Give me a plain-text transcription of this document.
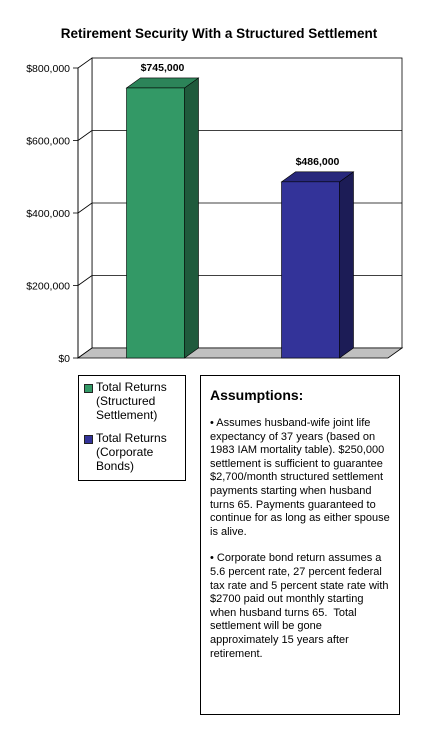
Retirement Security With a Structured Settlement
$0
$200,000
$400,000
$600,000
$800,000	$745,000
$486,000
Total Returns
(Structured
Settlement)
Total Returns
(Corporate
Bonds)
Assumptions:

• Assumes husband-wife joint life expectancy of 37 years (based on 1983 IAM mortality table). $250,000 settlement is sufficient to guarantee $2,700/month structured settlement payments starting when husband turns 65. Payments guaranteed to continue for as long as either spouse is alive.

• Corporate bond return assumes a 5.6 percent rate, 27 percent federal tax rate and 5 percent state rate with $2700 paid out monthly starting when husband turns 65.  Total settlement will be gone approximately 15 years after retirement.
